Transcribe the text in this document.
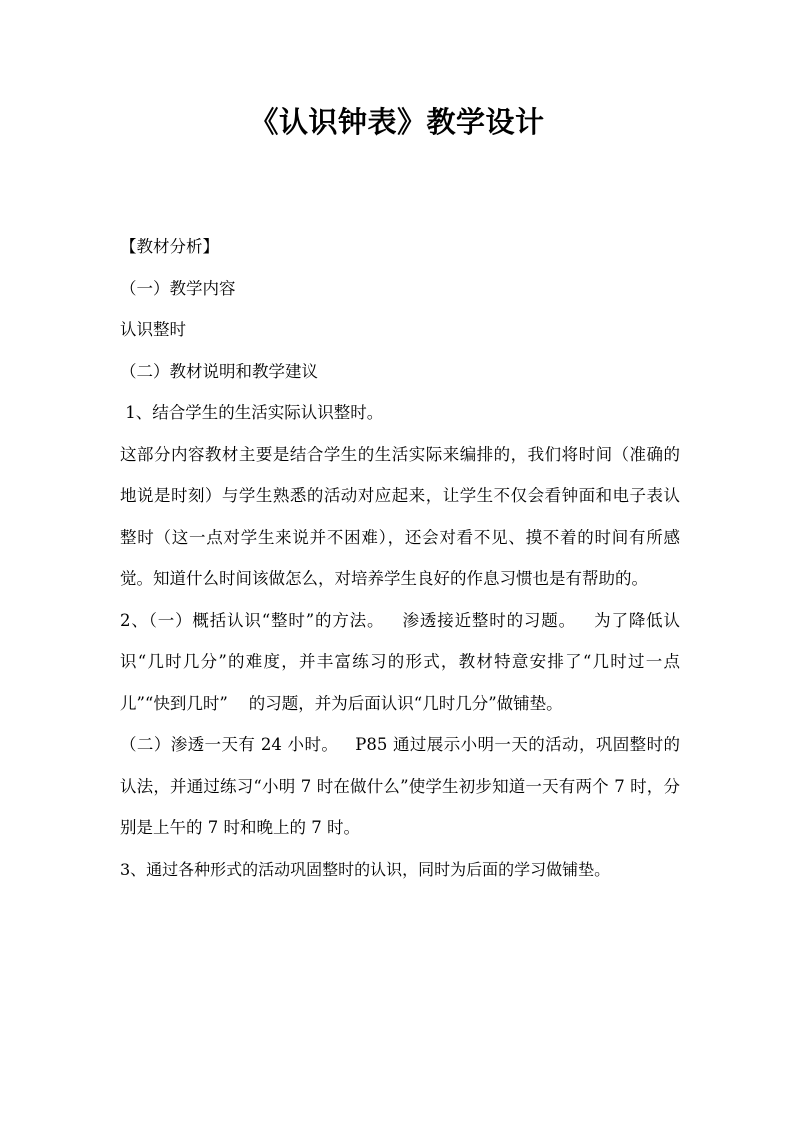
《认识钟表》教学设计

【教材分析】

（一）教学内容

认识整时

（二）教材说明和教学建议

1、结合学生的生活实际认识整时。

这部分内容教材主要是结合学生的生活实际来编排的，我们将时间（准确的地说是时刻）与学生熟悉的活动对应起来，让学生不仅会看钟面和电子表认整时（这一点对学生来说并不困难），还会对看不见、摸不着的时间有所感觉。知道什么时间该做怎么，对培养学生良好的作息习惯也是有帮助的。

2、（一）概括认识“整时”的方法。   渗透接近整时的习题。   为了降低认识“几时几分”的难度，并丰富练习的形式，教材特意安排了“几时过一点儿”“快到几时”    的习题，并为后面认识“几时几分”做铺垫。

（二）渗透一天有 24 小时。   P85 通过展示小明一天的活动，巩固整时的认法，并通过练习“小明 7 时在做什么”使学生初步知道一天有两个 7 时，分别是上午的 7 时和晚上的 7 时。

3、通过各种形式的活动巩固整时的认识，同时为后面的学习做铺垫。
